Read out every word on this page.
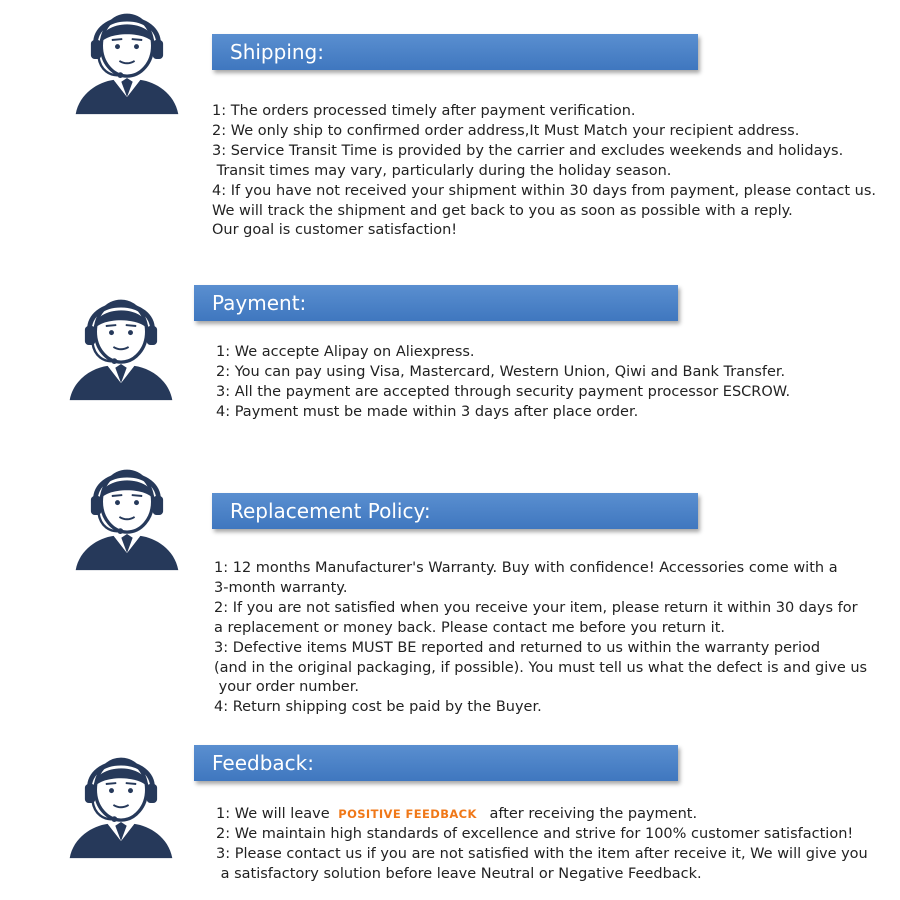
Shipping:
1: The orders processed timely after payment verification.
2: We only ship to confirmed order address,It Must Match your recipient address.
3: Service Transit Time is provided by the carrier and excludes weekends and holidays.
Transit times may vary, particularly during the holiday season.
4: If you have not received your shipment within 30 days from payment, please contact us.
We will track the shipment and get back to you as soon as possible with a reply.
Our goal is customer satisfaction!
Payment:
1: We accepte Alipay on Aliexpress.
2: You can pay using Visa, Mastercard, Western Union, Qiwi and Bank Transfer.
3: All the payment are accepted through security payment processor ESCROW.
4: Payment must be made within 3 days after place order.
Replacement Policy:
1: 12 months Manufacturer's Warranty. Buy with confidence! Accessories come with a
3-month warranty.
2: If you are not satisfied when you receive your item, please return it within 30 days for
a replacement or money back. Please contact me before you return it.
3: Defective items MUST BE reported and returned to us within the warranty period
(and in the original packaging, if possible). You must tell us what the defect is and give us
your order number.
4: Return shipping cost be paid by the Buyer.
Feedback:
1: We will leave POSITIVE FEEDBACK after receiving the payment.
2: We maintain high standards of excellence and strive for 100% customer satisfaction!
3: Please contact us if you are not satisfied with the item after receive it, We will give you
a satisfactory solution before leave Neutral or Negative Feedback.
